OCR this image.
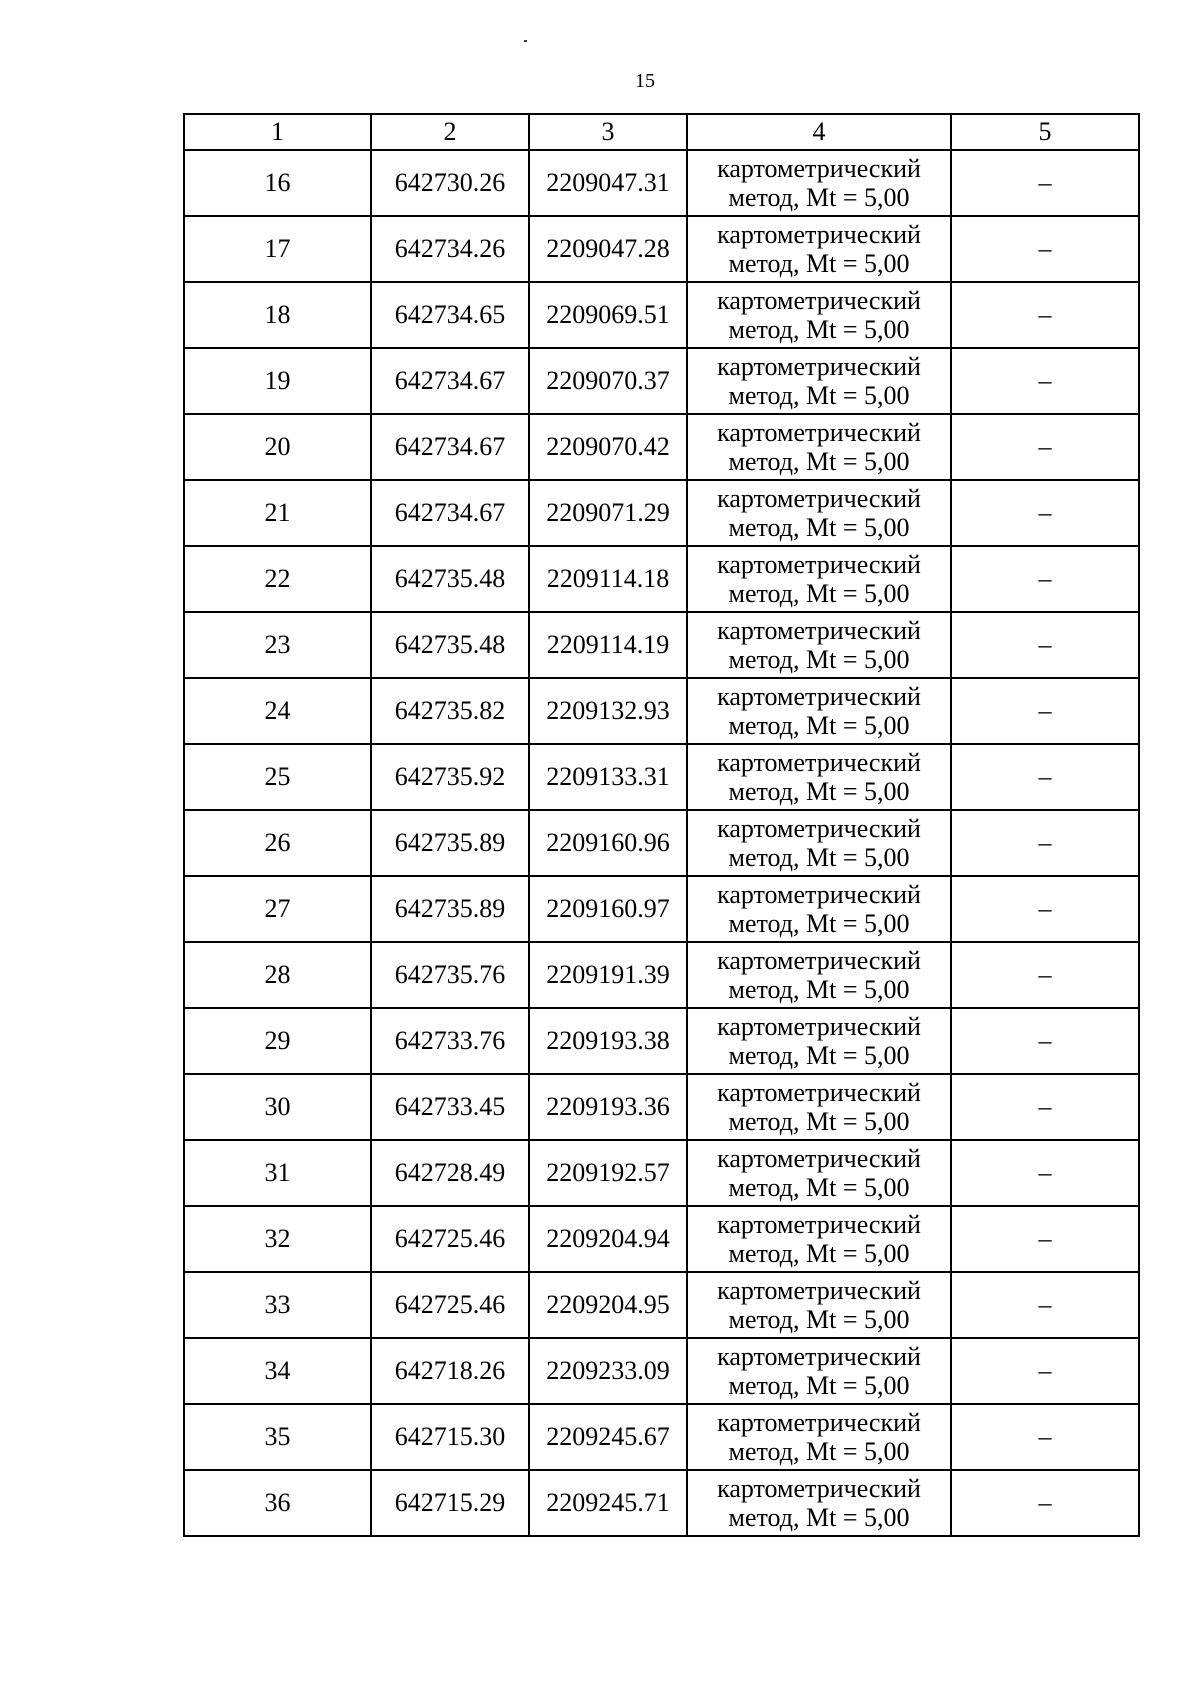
15
1	2	3	4	5
16	642730.26	2209047.31	картометрический
метод, Mt = 5,00	–
17	642734.26	2209047.28	картометрический
метод, Mt = 5,00	–
18	642734.65	2209069.51	картометрический
метод, Mt = 5,00	–
19	642734.67	2209070.37	картометрический
метод, Mt = 5,00	–
20	642734.67	2209070.42	картометрический
метод, Mt = 5,00	–
21	642734.67	2209071.29	картометрический
метод, Mt = 5,00	–
22	642735.48	2209114.18	картометрический
метод, Mt = 5,00	–
23	642735.48	2209114.19	картометрический
метод, Mt = 5,00	–
24	642735.82	2209132.93	картометрический
метод, Mt = 5,00	–
25	642735.92	2209133.31	картометрический
метод, Mt = 5,00	–
26	642735.89	2209160.96	картометрический
метод, Mt = 5,00	–
27	642735.89	2209160.97	картометрический
метод, Mt = 5,00	–
28	642735.76	2209191.39	картометрический
метод, Mt = 5,00	–
29	642733.76	2209193.38	картометрический
метод, Mt = 5,00	–
30	642733.45	2209193.36	картометрический
метод, Mt = 5,00	–
31	642728.49	2209192.57	картометрический
метод, Mt = 5,00	–
32	642725.46	2209204.94	картометрический
метод, Mt = 5,00	–
33	642725.46	2209204.95	картометрический
метод, Mt = 5,00	–
34	642718.26	2209233.09	картометрический
метод, Mt = 5,00	–
35	642715.30	2209245.67	картометрический
метод, Mt = 5,00	–
36	642715.29	2209245.71	картометрический
метод, Mt = 5,00	–
